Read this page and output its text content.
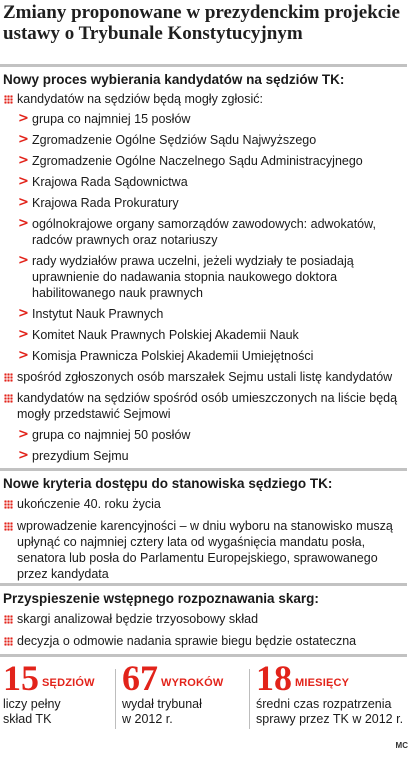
Zmiany proponowane w prezydenckim projekcie ustawy o Trybunale Konstytucyjnym
Nowy proces wybierania kandydatów na sędziów TK:
kandydatów na sędziów będą mogły zgłosić:
> grupa co najmniej 15 posłów
> Zgromadzenie Ogólne Sędziów Sądu Najwyższego
> Zgromadzenie Ogólne Naczelnego Sądu Administracyjnego
> Krajowa Rada Sądownictwa
> Krajowa Rada Prokuratury
> ogólnokrajowe organy samorządów zawodowych: adwokatów, radców prawnych oraz notariuszy
> rady wydziałów prawa uczelni, jeżeli wydziały te posiadają uprawnienie do nadawania stopnia naukowego doktora habilitowanego nauk prawnych
> Instytut Nauk Prawnych
> Komitet Nauk Prawnych Polskiej Akademii Nauk
> Komisja Prawnicza Polskiej Akademii Umiejętności
spośród zgłoszonych osób marszałek Sejmu ustali listę kandydatów
kandydatów na sędziów spośród osób umieszczonych na liście będą mogły przedstawić Sejmowi
> grupa co najmniej 50 posłów
> prezydium Sejmu
Nowe kryteria dostępu do stanowiska sędziego TK:
ukończenie 40. roku życia
wprowadzenie karencyjności – w dniu wyboru na stanowisko muszą upłynąć co najmniej cztery lata od wygaśnięcia mandatu posła, senatora lub posła do Parlamentu Europejskiego, sprawowanego przez kandydata
Przyspieszenie wstępnego rozpoznawania skarg:
skargi analizował będzie trzyosobowy skład
decyzja o odmowie nadania sprawie biegu będzie ostateczna
15 $^{SĘDZIÓW}$
liczy pełny
skład TK
67 $^{WYROKÓW}$
wydał trybunał
w 2012 r.
18 $^{MIESIĘCY}$
średni czas rozpatrzenia
sprawy przez TK w 2012 r.
MC
